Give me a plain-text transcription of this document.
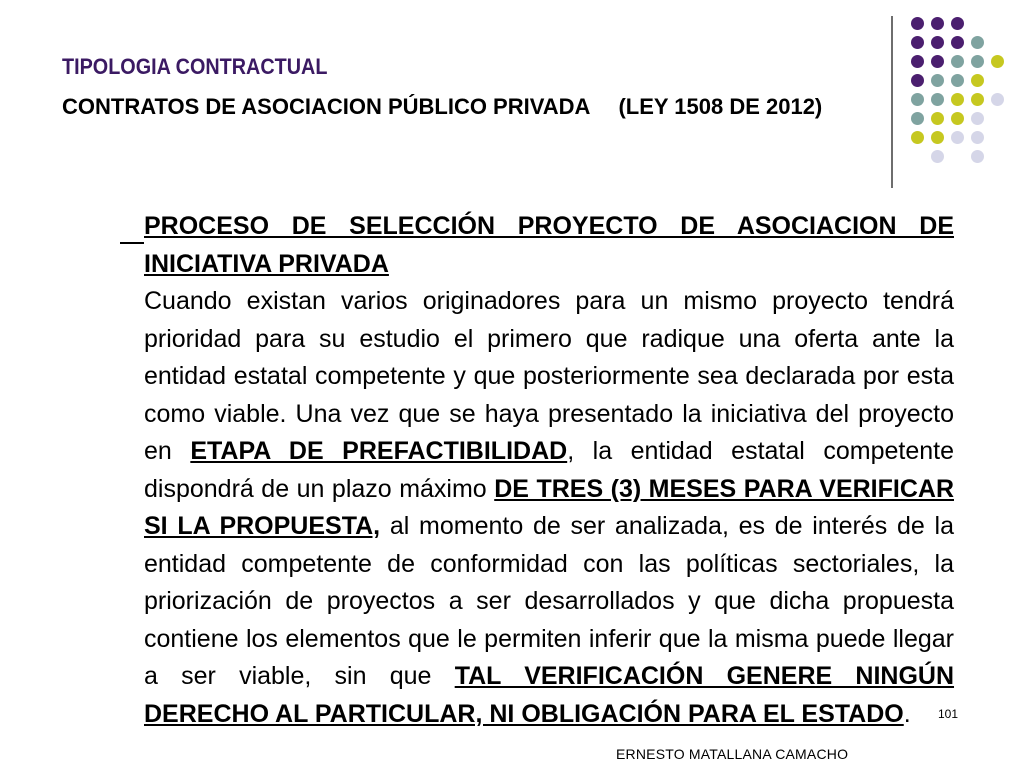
TIPOLOGIA CONTRACTUAL
CONTRATOS DE ASOCIACION PÚBLICO PRIVADA (LEY 1508 DE 2012)
PROCESO DE SELECCIÓN PROYECTO DE ASOCIACION DE INICIATIVA PRIVADA
Cuando existan varios originadores para un mismo proyecto tendrá prioridad para su estudio el primero que radique una oferta ante la entidad estatal competente y que posteriormente sea declarada por esta como viable. Una vez que se haya presentado la iniciativa del proyecto en ETAPA DE PREFACTIBILIDAD, la entidad estatal competente dispondrá de un plazo máximo DE TRES (3) MESES PARA VERIFICAR SI LA PROPUESTA, al momento de ser analizada, es de interés de la entidad competente de conformidad con las políticas sectoriales, la priorización de proyectos a ser desarrollados y que dicha propuesta contiene los elementos que le permiten inferir que la misma puede llegar a ser viable, sin que TAL VERIFICACIÓN GENERE NINGÚN DERECHO AL PARTICULAR, NI OBLIGACIÓN PARA EL ESTADO.	101
ERNESTO MATALLANA CAMACHO
